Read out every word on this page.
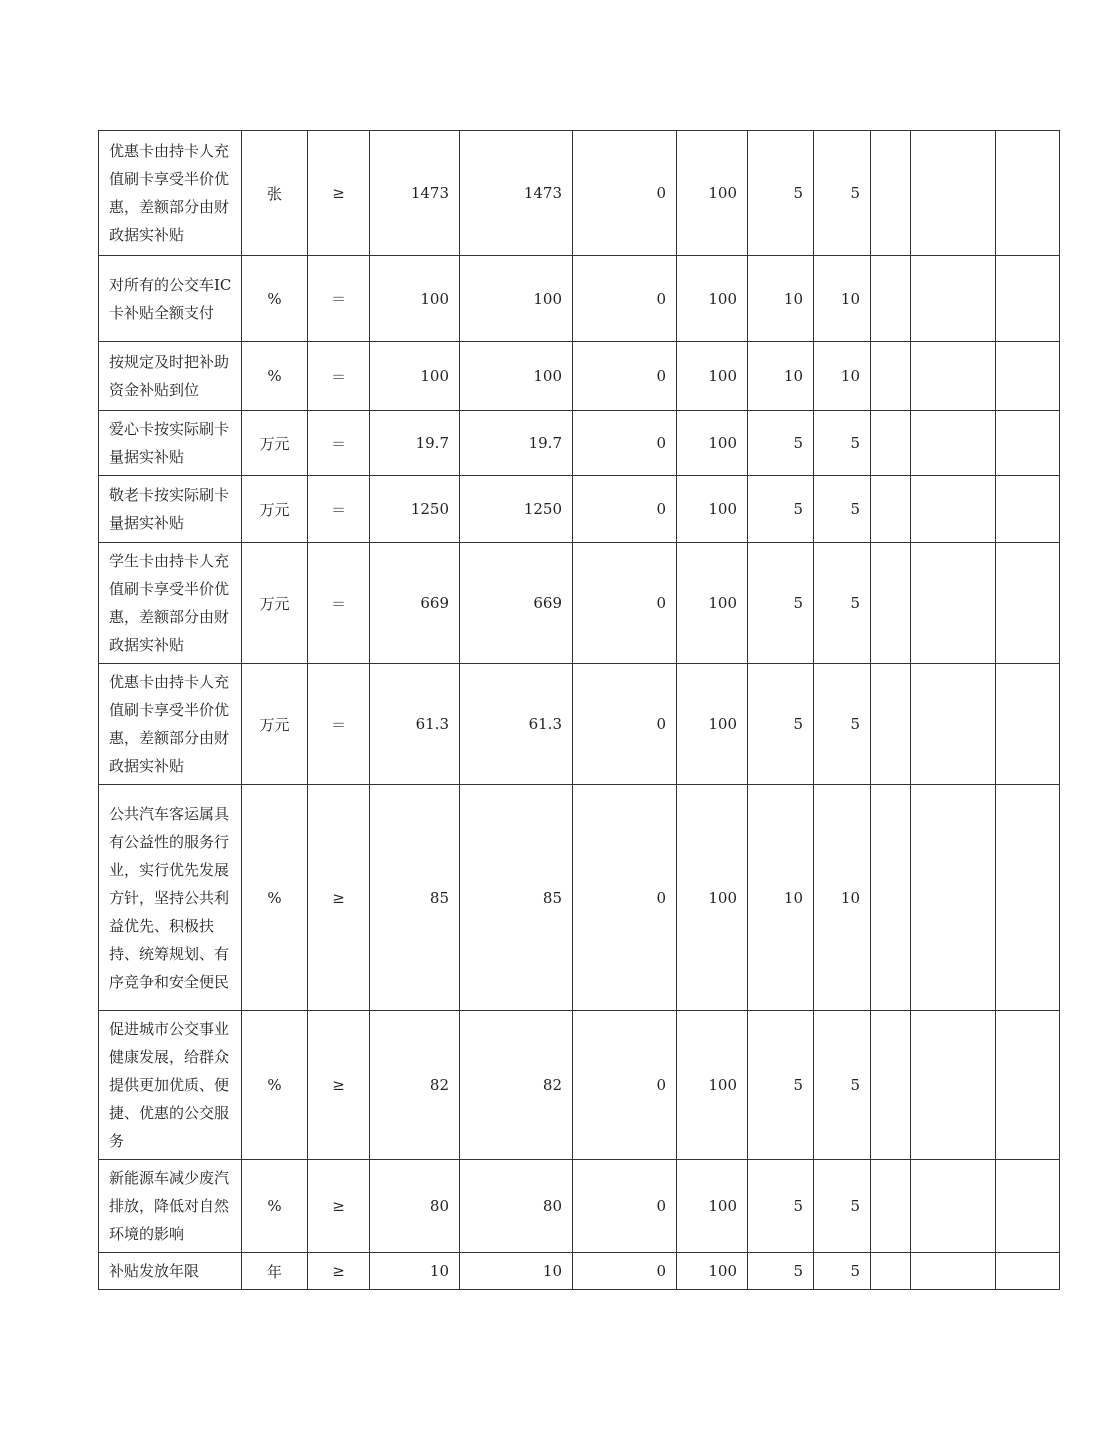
优惠卡由持卡人充值刷卡享受半价优惠，差额部分由财政据实补贴	张	≥	1473	1473	0	100	5	5			
对所有的公交车IC卡补贴全额支付	%	＝	100	100	0	100	10	10			
按规定及时把补助资金补贴到位	%	＝	100	100	0	100	10	10			
爱心卡按实际刷卡量据实补贴	万元	＝	19.7	19.7	0	100	5	5			
敬老卡按实际刷卡量据实补贴	万元	＝	1250	1250	0	100	5	5			
学生卡由持卡人充值刷卡享受半价优惠，差额部分由财政据实补贴	万元	＝	669	669	0	100	5	5			
优惠卡由持卡人充值刷卡享受半价优惠，差额部分由财政据实补贴	万元	＝	61.3	61.3	0	100	5	5			
公共汽车客运属具有公益性的服务行业，实行优先发展方针，坚持公共利益优先、积极扶持、统筹规划、有序竞争和安全便民	%	≥	85	85	0	100	10	10			
促进城市公交事业健康发展，给群众提供更加优质、便捷、优惠的公交服务	%	≥	82	82	0	100	5	5			
新能源车减少废汽排放，降低对自然环境的影响	%	≥	80	80	0	100	5	5			
补贴发放年限	年	≥	10	10	0	100	5	5			
